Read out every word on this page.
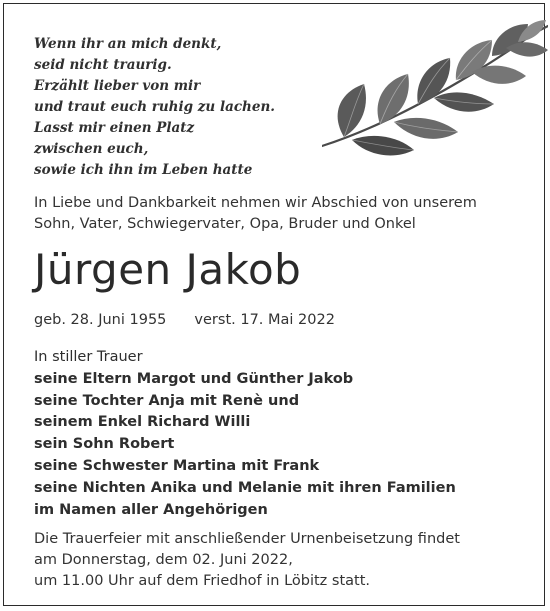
Wenn ihr an mich denkt,
seid nicht traurig.
Erzählt lieber von mir
und traut euch ruhig zu lachen.
Lasst mir einen Platz
zwischen euch,
sowie ich ihn im Leben hatte
In Liebe und Dankbarkeit nehmen wir Abschied von unserem
Sohn, Vater, Schwiegervater, Opa, Bruder und Onkel
Jürgen Jakob
geb. 28. Juni 1955 verst. 17. Mai 2022
In stiller Trauer
seine Eltern Margot und Günther Jakob
seine Tochter Anja mit Renè und
seinem Enkel Richard Willi
sein Sohn Robert
seine Schwester Martina mit Frank
seine Nichten Anika und Melanie mit ihren Familien
im Namen aller Angehörigen
Die Trauerfeier mit anschließender Urnenbeisetzung findet
am Donnerstag, dem 02. Juni 2022,
um 11.00 Uhr auf dem Friedhof in Löbitz statt.
